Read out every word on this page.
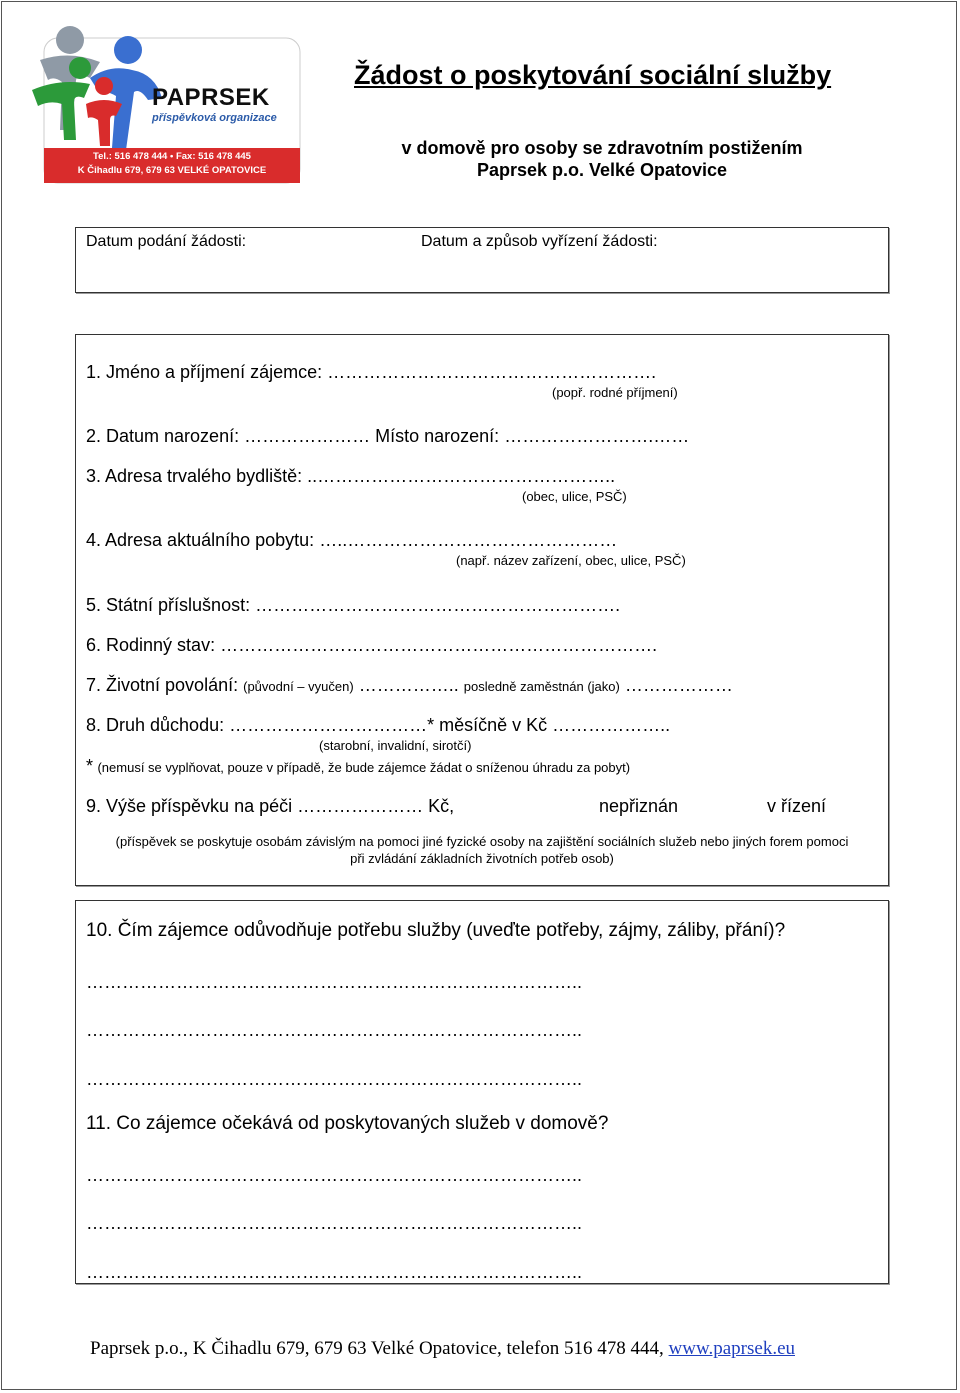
PAPRSEK
příspěvková organizace
Tel.: 516 478 444 • Fax: 516 478 445
K Čihadlu 679, 679 63 VELKÉ OPATOVICE
Žádost o poskytování sociální služby
v domově pro osoby se zdravotním postižením
Paprsek p.o. Velké Opatovice
Datum podání žádosti:	Datum a způsob vyřízení žádosti:
1. Jméno a příjmení zájemce: ……………………………………………….
(popř. rodné příjmení)
2. Datum narození: ………………… Místo narození: …………………….……
3. Adresa trvalého bydliště: ..…………………………………………..
(obec, ulice, PSČ)
4. Adresa aktuálního pobytu: …..………………………………………
(např. název zařízení, obec, ulice, PSČ)
5. Státní příslušnost: …………………………………………………….
6. Rodinný stav: ……………………………………………………………….
7. Životní povolání: (původní – vyučen) …………….. posledně zaměstnán (jako) ………………
8. Druh důchodu: ……………………………* měsíčně v Kč ………………..
(starobní, invalidní, sirotčí)
* (nemusí se vyplňovat, pouze v případě, že bude zájemce žádat o sníženou úhradu za pobyt)
9. Výše příspěvku na péči ………………… Kč,	nepřiznán	v řízení
(příspěvek se poskytuje osobám závislým na pomoci jiné fyzické osoby na zajištění sociálních služeb nebo jiných forem pomoci
při zvládání základních životních potřeb osob)
10. Čím zájemce odůvodňuje potřebu služby (uveďte potřeby, zájmy, záliby, přání)?
………………………………………………………………………..
………………………………………………………………………..
………………………………………………………………………..
11. Co zájemce očekává od poskytovaných služeb v domově?
………………………………………………………………………..
………………………………………………………………………..
………………………………………………………………………..
Paprsek p.o., K Čihadlu 679, 679 63 Velké Opatovice, telefon 516 478 444, www.paprsek.eu
